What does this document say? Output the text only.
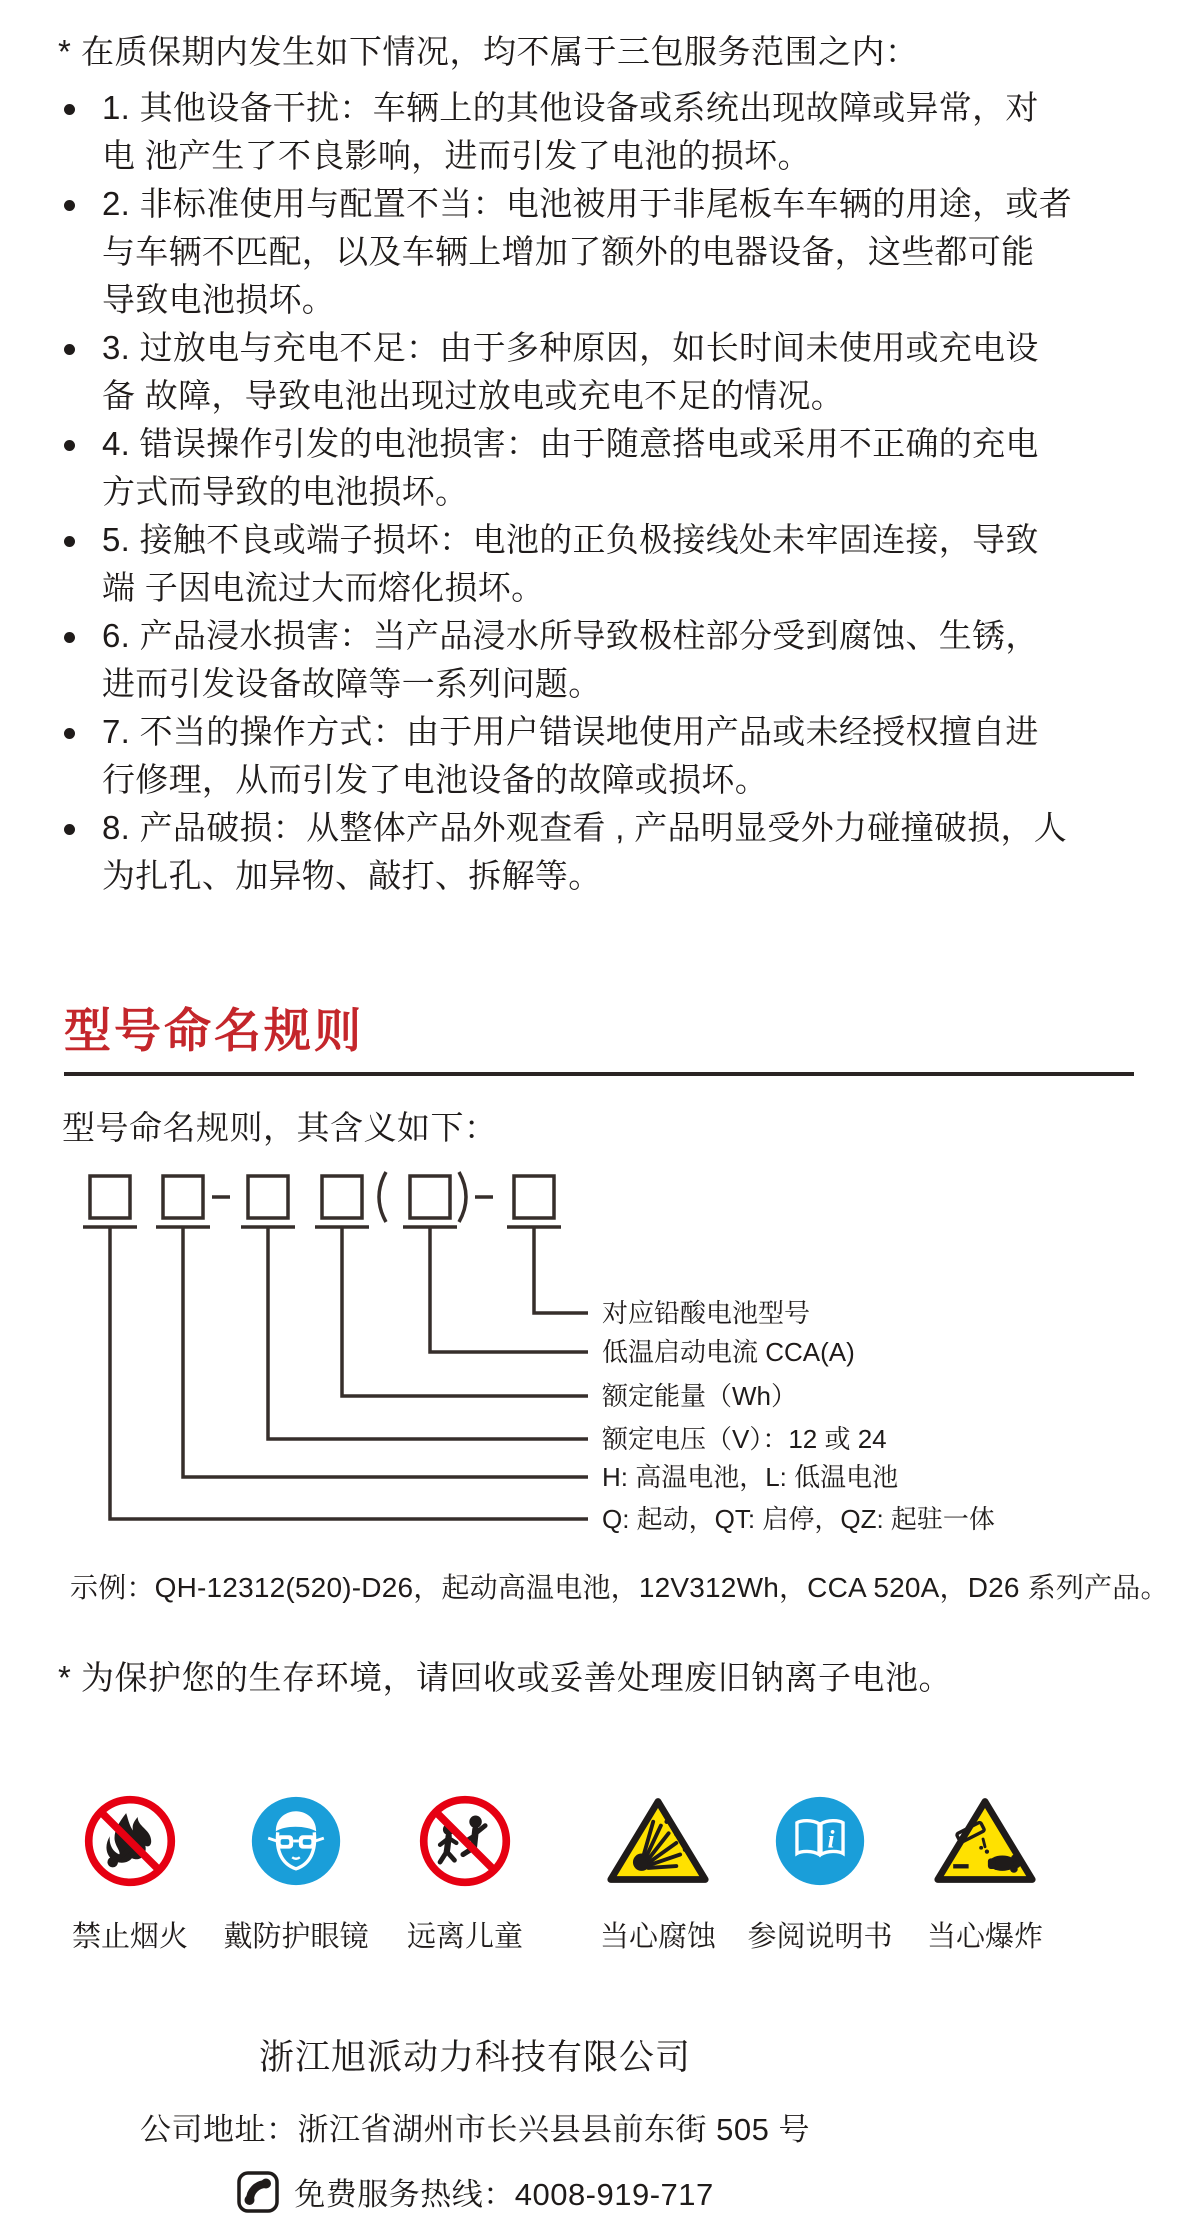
* 在质保期内发生如下情况，均不属于三包服务范围之内：
1. 其他设备干扰：车辆上的其他设备或系统出现故障或异常，对
电 池产生了不良影响，进而引发了电池的损坏。
2. 非标准使用与配置不当：电池被用于非尾板车车辆的用途，或者
与车辆不匹配，以及车辆上增加了额外的电器设备，这些都可能
导致电池损坏。
3. 过放电与充电不足：由于多种原因，如长时间未使用或充电设
备 故障，导致电池出现过放电或充电不足的情况。
4. 错误操作引发的电池损害：由于随意搭电或采用不正确的充电
方式而导致的电池损坏。
5. 接触不良或端子损坏：电池的正负极接线处未牢固连接，导致
端 子因电流过大而熔化损坏。
6. 产品浸水损害：当产品浸水所导致极柱部分受到腐蚀、生锈，
进而引发设备故障等一系列问题。
7. 不当的操作方式：由于用户错误地使用产品或未经授权擅自进
行修理，从而引发了电池设备的故障或损坏。
8. 产品破损：从整体产品外观查看 , 产品明显受外力碰撞破损，人
为扎孔、加异物、敲打、拆解等。
型号命名规则
型号命名规则，其含义如下：
对应铅酸电池型号
低温启动电流 CCA(A)
额定能量（Wh）
额定电压（V）：12 或 24
H: 高温电池，L: 低温电池
Q: 起动，QT: 启停，QZ: 起驻一体
示例：QH-12312(520)-D26，起动高温电池，12V312Wh，CCA 520A，D26 系列产品。
* 为保护您的生存环境，请回收或妥善处理废旧钠离子电池。
禁止烟火 戴防护眼镜 远离儿童	当心腐蚀
i
参阅说明书 当心爆炸
浙江旭派动力科技有限公司
公司地址：浙江省湖州市长兴县县前东街 505 号
免费服务热线：4008-919-717
